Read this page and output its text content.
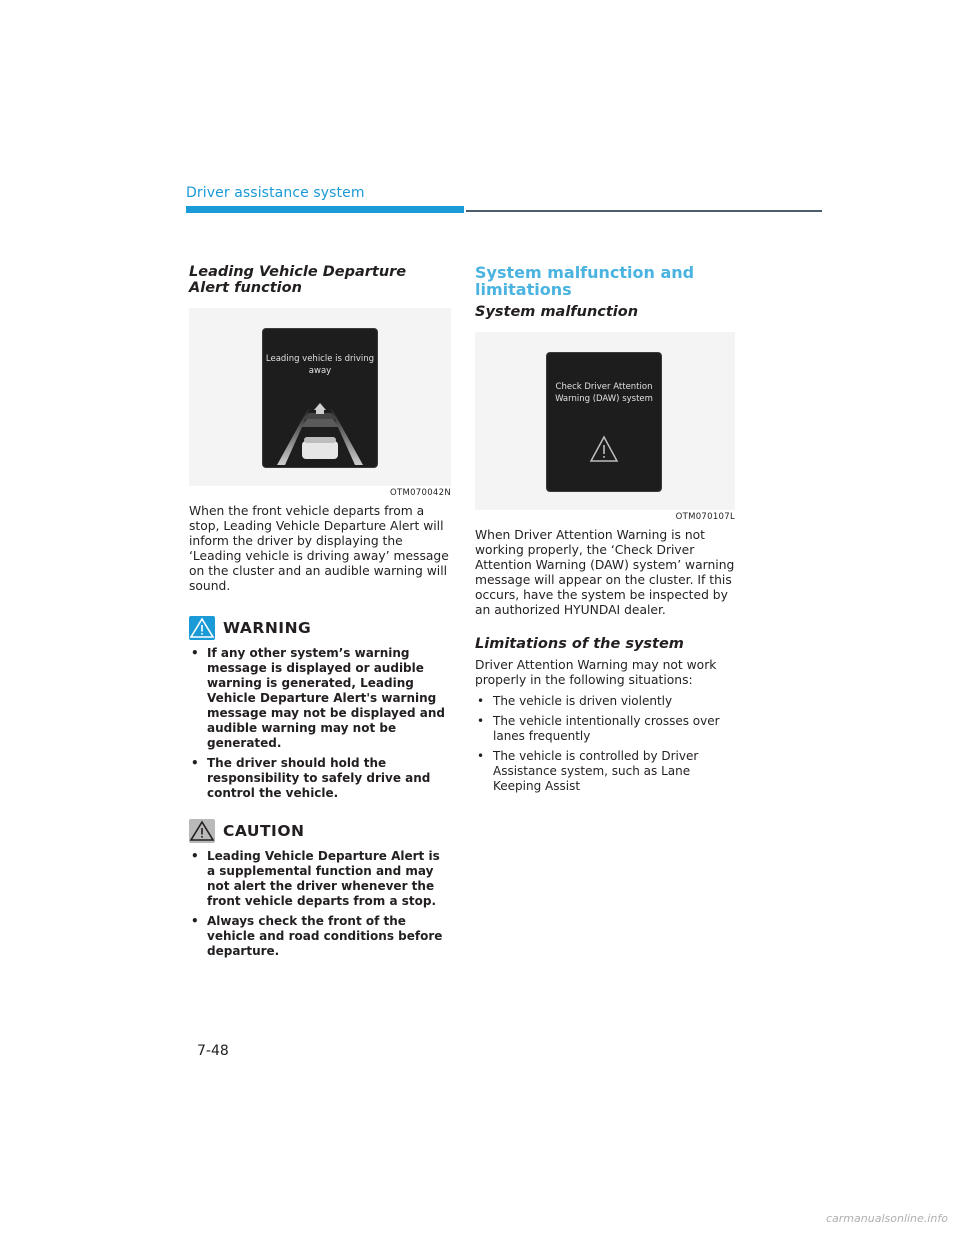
Driver assistance system
Leading Vehicle Departure Alert function
Leading vehicle is driving away
OTM070042N

When the front vehicle departs from a stop, Leading Vehicle Departure Alert will inform the driver by displaying the ‘Leading vehicle is driving away’ message on the cluster and an audible warning will sound.

WARNING
• If any other system’s warning message is displayed or audible warning is generated, Leading Vehicle Departure Alert's warning message may not be displayed and audible warning may not be generated.
• The driver should hold the responsibility to safely drive and control the vehicle.
CAUTION
• Leading Vehicle Departure Alert is a supplemental function and may not alert the driver whenever the front vehicle departs from a stop.
• Always check the front of the vehicle and road conditions before departure.
System malfunction and limitations
System malfunction
Check Driver Attention Warning (DAW) system
OTM070107L

When Driver Attention Warning is not working properly, the ‘Check Driver Attention Warning (DAW) system’ warning message will appear on the cluster. If this occurs, have the system be inspected by an authorized HYUNDAI dealer.

Limitations of the system

Driver Attention Warning may not work properly in the following situations:

• The vehicle is driven violently
• The vehicle intentionally crosses over lanes frequently
• The vehicle is controlled by Driver Assistance system, such as Lane Keeping Assist
7-48
carmanualsonline.info
